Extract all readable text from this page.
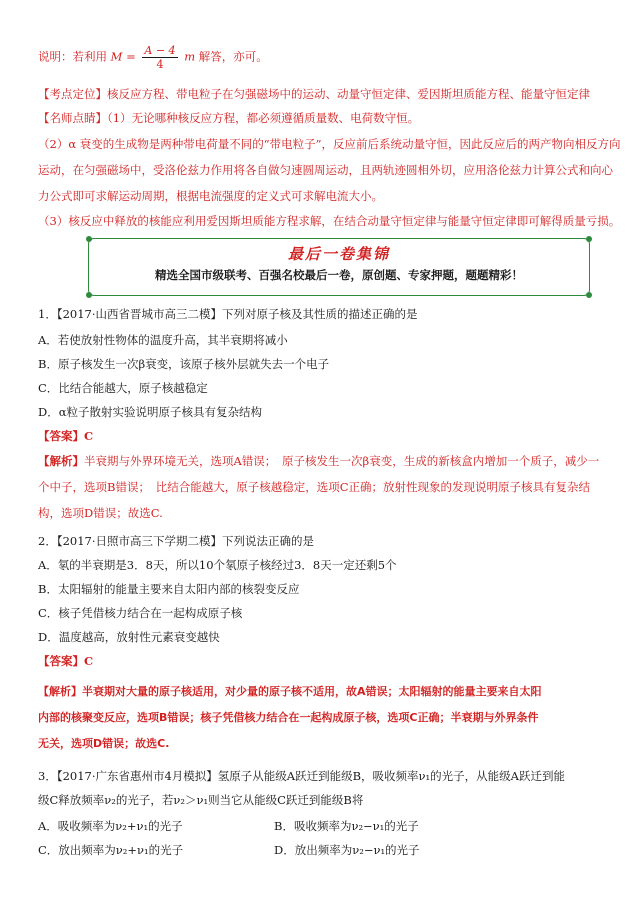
说明：若利用 $M = \frac{A - 4}{4}$ m 解答，亦可。
【考点定位】核反应方程、带电粒子在匀强磁场中的运动、动量守恒定律、爱因斯坦质能方程、能量守恒定律
【名师点睛】（1）无论哪种核反应方程，都必须遵循质量数、电荷数守恒。
（2）α 衰变的生成物是两种带电荷量不同的“带电粒子”，反应前后系统动量守恒，因此反应后的两产物向相反方向
运动，在匀强磁场中，受洛伦兹力作用将各自做匀速圆周运动，且两轨迹圆相外切，应用洛伦兹力计算公式和向心
力公式即可求解运动周期，根据电流强度的定义式可求解电流大小。
（3）核反应中释放的核能应利用爱因斯坦质能方程求解，在结合动量守恒定律与能量守恒定律即可解得质量亏损。
最后一卷集锦
精选全国市级联考、百强名校最后一卷，原创题、专家押题，题题精彩！
1．【2017·山西省晋城市高三二模】下列对原子核及其性质的描述正确的是
A．若使放射性物体的温度升高，其半衰期将减小
B．原子核发生一次β衰变，该原子核外层就失去一个电子
C．比结合能越大，原子核越稳定
D．α粒子散射实验说明原子核具有复杂结构
【答案】C
【解析】半衰期与外界环境无关，选项A错误；　原子核发生一次β衰变，生成的新核盒内增加一个质子，减少一
个中子，选项B错误；　比结合能越大，原子核越稳定，选项C正确；放射性现象的发现说明原子核具有复杂结
构，选项D错误；故选C.
2．【2017·日照市高三下学期二模】下列说法正确的是
A．氡的半衰期是3．8天，所以10个氡原子核经过3．8天一定还剩5个
B．太阳辐射的能量主要来自太阳内部的核裂变反应
C．核子凭借核力结合在一起构成原子核
D．温度越高，放射性元素衰变越快
【答案】C
【解析】半衰期对大量的原子核适用，对少量的原子核不适用，故A错误；太阳辐射的能量主要来自太阳
内部的核聚变反应，选项B错误；核子凭借核力结合在一起构成原子核，选项C正确；半衰期与外界条件
无关，选项D错误；故选C.
3．【2017·广东省惠州市4月模拟】氢原子从能级A跃迁到能级B，吸收频率ν₁的光子，从能级A跃迁到能
级C释放频率ν₂的光子，若ν₂＞ν₁则当它从能级C跃迁到能级B将
A．吸收频率为ν₂+ν₁的光子	B．吸收频率为ν₂−ν₁的光子
C．放出频率为ν₂+ν₁的光子	D．放出频率为ν₂−ν₁的光子
